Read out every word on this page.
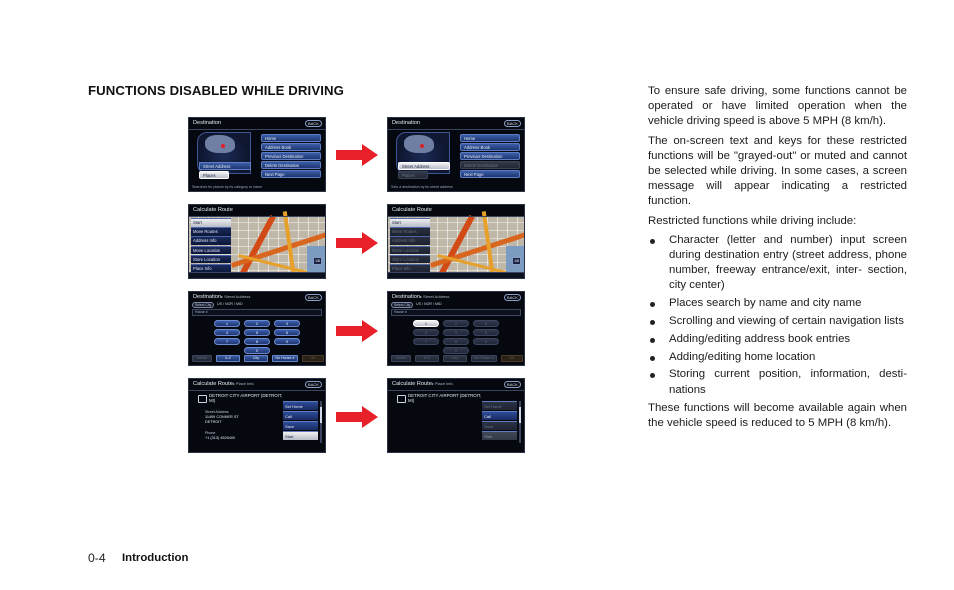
FUNCTIONS DISABLED WHILE DRIVING
Destination	BACK
Street Address
Places
Home
Address Book
Previous Destination
Delete Destination
Next Page
Searches for places by its category or name
Destination	BACK
Street Address
Places
Home
Address Book
Previous Destination
Delete Destination
Next Page
Sets a destination by its street address
Calculate Route
Start
Move Routes
Address Info
Move Location
Store Location
Place Info
1/8
Calculate Route
Start
Move Routes
Address Info
Move Location
Store Location
Place Info
1/8
Destination▸ Street Address	BACK
Select City	US / NOR / MID
House #
1	2	3
4	5	6
7	8	9
0
Delete	A-Z	City	No House #	OK
Destination▸ Street Address	BACK
Select City	US / NOR / MID
House #
1	2	3
4	5	6
7	8	9
0
Delete	A-Z	City	No House #	OK
Calculate Route▸ Place Info	BACK
DETROIT CITY AIRPORT (DETROIT, MI)
Street Address
11499 CONNER ST
DETROIT
Phone
+1 (313) 4526400
Set Home
Call
Save
Start
Calculate Route▸ Place Info	BACK
DETROIT CITY AIRPORT (DETROIT, MI)
Set Home
Call
Save
Start

To ensure safe driving, some functions cannot be operated or have limited operation when the vehicle driving speed is above 5 MPH (8 km/h).

The on-screen text and keys for these restricted functions will be "grayed-out" or muted and cannot be selected while driving. In some cases, a screen message will appear indicating a restricted function.

Restricted functions while driving include:

Character (letter and number) input screen during destination entry (street address, phone number, freeway entrance/exit, inter- section, city center)
Places search by name and city name
Scrolling and viewing of certain navigation lists
Adding/editing address book entries
Adding/editing home location
Storing current position, information, desti- nations

These functions will become available again when the vehicle speed is reduced to 5 MPH (8 km/h).

0-4 Introduction
